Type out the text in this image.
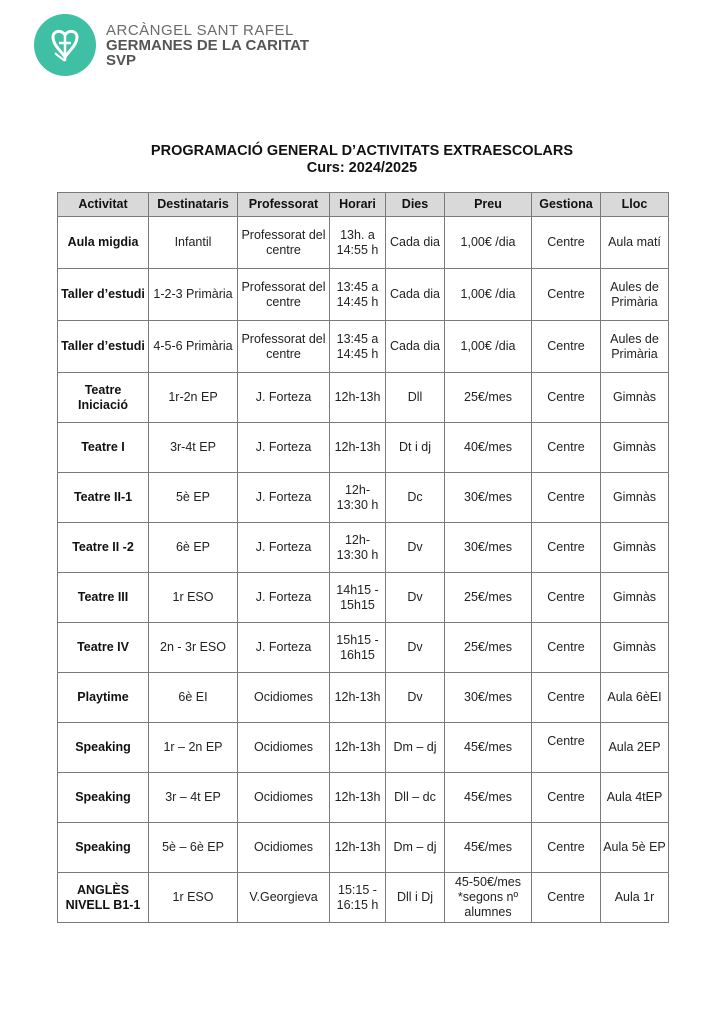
ARCÀNGEL SANT RAFEL
GERMANES DE LA CARITAT
SVP
PROGRAMACIÓ GENERAL D’ACTIVITATS EXTRAESCOLARS
Curs: 2024/2025
Activitat	Destinataris	Professorat	Horari	Dies	Preu	Gestiona	Lloc
Aula migdia	Infantil	Professorat del centre	13h. a 14:55 h	Cada dia	1,00€ /dia	Centre	Aula matí
Taller d’estudi	1-2-3 Primària	Professorat del centre	13:45 a 14:45 h	Cada dia	1,00€ /dia	Centre	Aules de Primària
Taller d’estudi	4-5-6 Primària	Professorat del centre	13:45 a 14:45 h	Cada dia	1,00€ /dia	Centre	Aules de Primària
Teatre Iniciació	1r-2n EP	J. Forteza	12h-13h	Dll	25€/mes	Centre	Gimnàs
Teatre I	3r-4t EP	J. Forteza	12h-13h	Dt i dj	40€/mes	Centre	Gimnàs
Teatre II-1	5è EP	J. Forteza	12h- 13:30 h	Dc	30€/mes	Centre	Gimnàs
Teatre II -2	6è EP	J. Forteza	12h- 13:30 h	Dv	30€/mes	Centre	Gimnàs
Teatre III	1r ESO	J. Forteza	14h15 - 15h15	Dv	25€/mes	Centre	Gimnàs
Teatre IV	2n - 3r ESO	J. Forteza	15h15 - 16h15	Dv	25€/mes	Centre	Gimnàs
Playtime	6è EI	Ocidiomes	12h-13h	Dv	30€/mes	Centre	Aula 6èEI
Speaking	1r – 2n EP	Ocidiomes	12h-13h	Dm – dj	45€/mes	Centre	Aula 2EP
Speaking	3r – 4t EP	Ocidiomes	12h-13h	Dll – dc	45€/mes	Centre	Aula 4tEP
Speaking	5è – 6è EP	Ocidiomes	12h-13h	Dm – dj	45€/mes	Centre	Aula 5è EP
ANGLÈS NIVELL B1-1	1r ESO	V.Georgieva	15:15 - 16:15 h	Dll i Dj	45-50€/mes *segons nº alumnes	Centre	Aula 1r
